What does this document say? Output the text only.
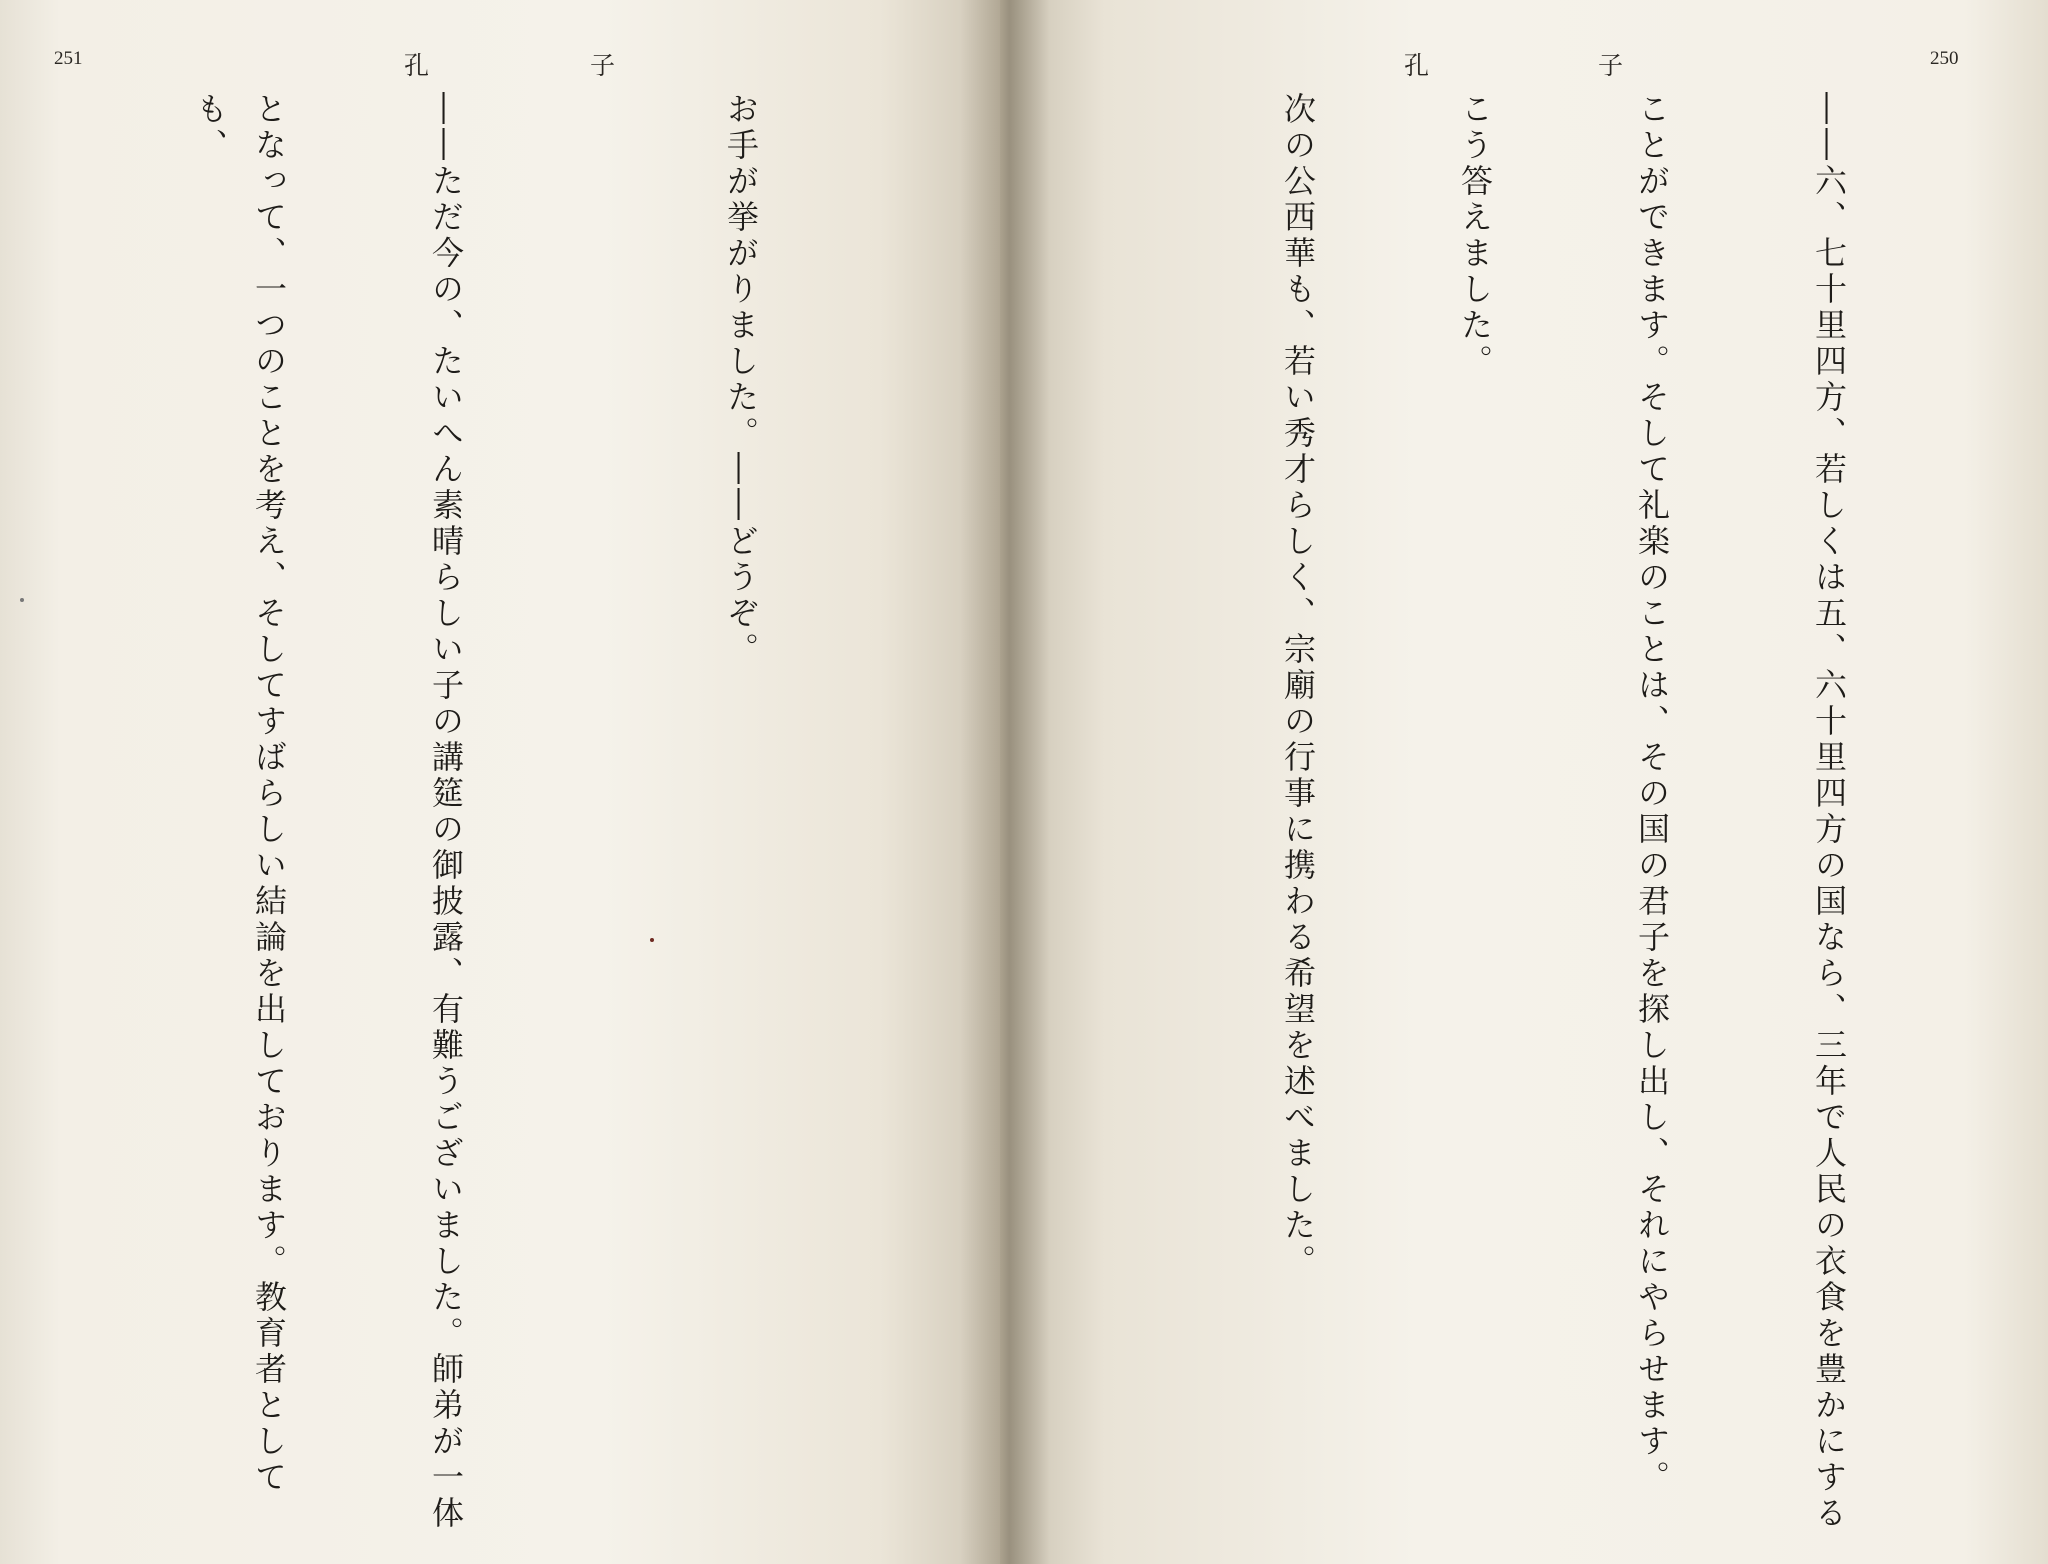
251	孔	子	孔	子	250

――六、七十里四方、若しくは五、六十里四方の国なら、三年で人民の衣食を豊かにする

ことができます。そして礼楽のことは、その国の君子を探し出し、それにやらせます。

こう答えました。

次の公西華も、若い秀才らしく、宗廟の行事に携わる希望を述べました。

お手が挙がりました。――どうぞ。

――ただ今の、たいへん素晴らしい子の講筵の御披露、有難うございました。師弟が一体

となって、一つのことを考え、そしてすばらしい結論を出しております。教育者としても、
